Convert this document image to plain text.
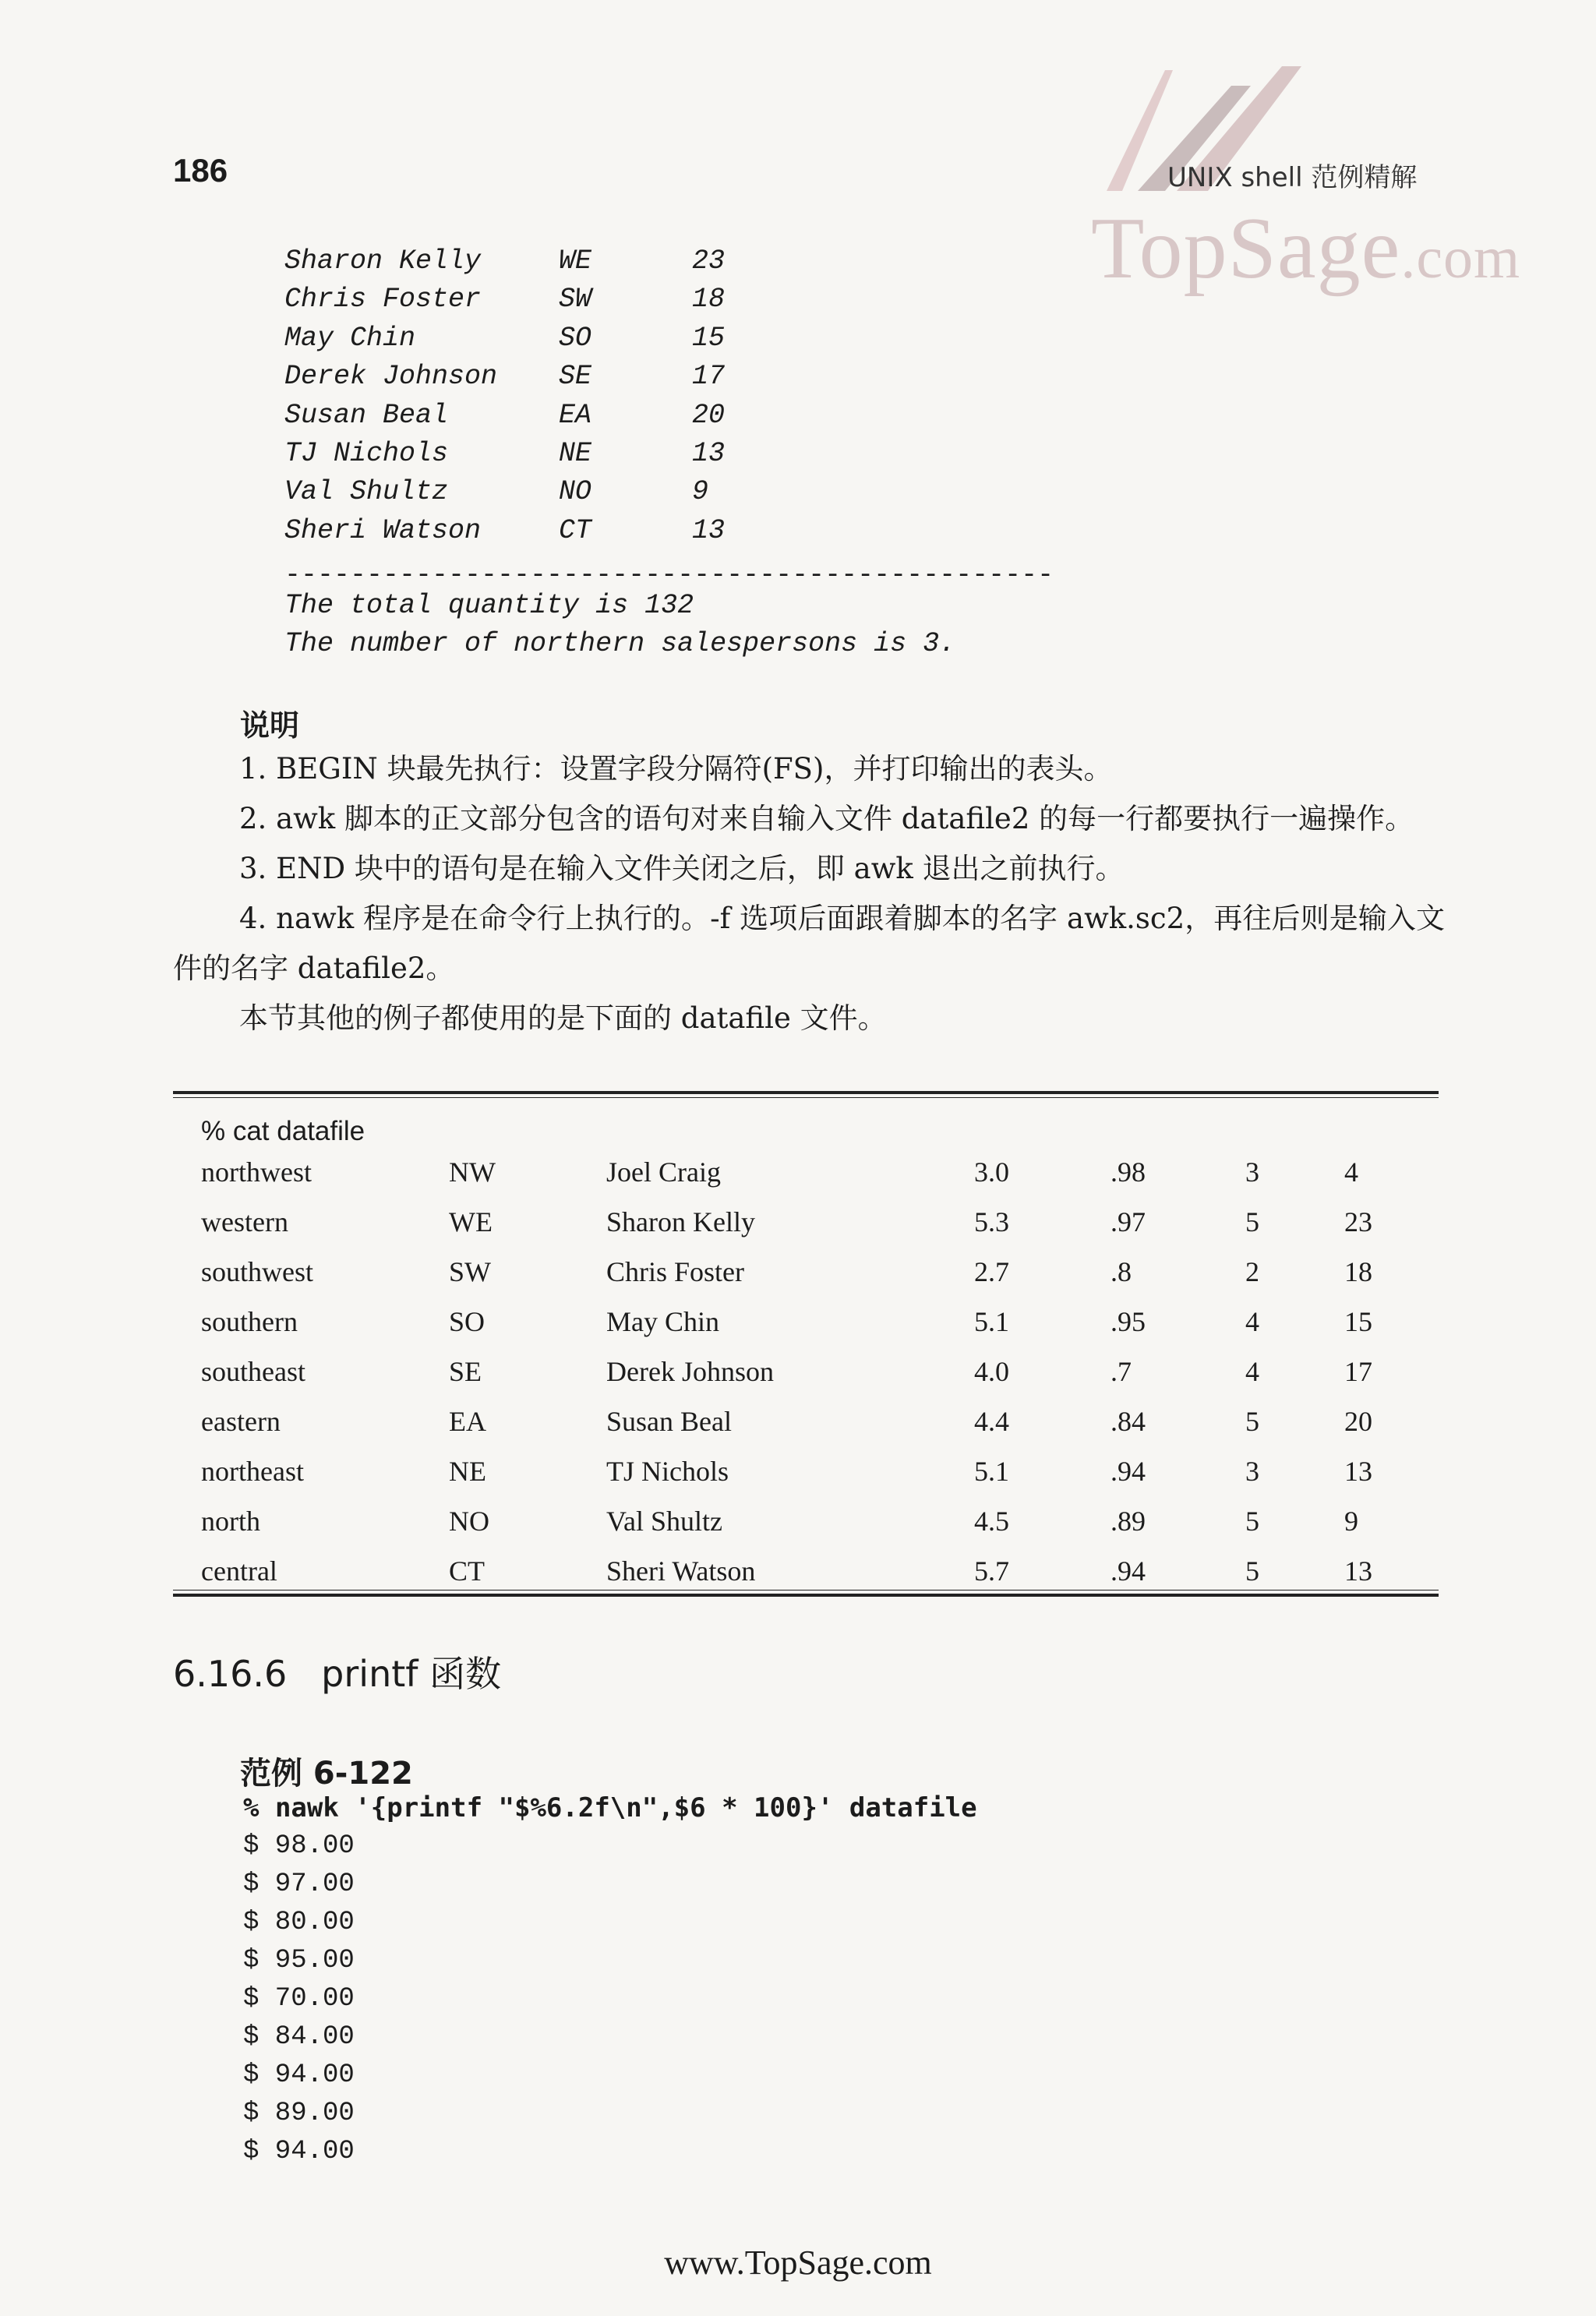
186
TopSage.com
UNIX shell 范例精解
Sharon Kelly	WE	23
Chris Foster	SW	18
May Chin	SO	15
Derek Johnson SE	17
Susan Beal	EA	20
TJ Nichols	NE	13
Val Shultz	NO	9
Sheri Watson	CT	13
-----------------------------------------------
The total quantity is 132
The number of northern salespersons is 3.
说明

1. BEGIN 块最先执行：设置字段分隔符(FS)，并打印输出的表头。

2. awk 脚本的正文部分包含的语句对来自输入文件 datafile2 的每一行都要执行一遍操作。

3. END 块中的语句是在输入文件关闭之后，即 awk 退出之前执行。

4. nawk 程序是在命令行上执行的。-f 选项后面跟着脚本的名字 awk.sc2，再往后则是输入文件的名字 datafile2。

本节其他的例子都使用的是下面的 datafile 文件。

% cat datafile
northwest	NW	Joel Craig	3.0	.98	3	4
western	WE	Sharon Kelly	5.3	.97	5	23
southwest	SW	Chris Foster	2.7	.8	2	18
southern	SO	May Chin	5.1	.95	4	15
southeast	SE	Derek Johnson	4.0	.7	4	17
eastern	EA	Susan Beal	4.4	.84	5	20
northeast	NE	TJ Nichols	5.1	.94	3	13
north	NO	Val Shultz	4.5	.89	5	9
central	CT	Sheri Watson	5.7	.94	5	13
6.16.6   printf 函数
范例 6-122
% nawk '{printf "$%6.2f\n",$6 * 100}' datafile
$ 98.00
$ 97.00
$ 80.00
$ 95.00
$ 70.00
$ 84.00
$ 94.00
$ 89.00
$ 94.00
www.TopSage.com
